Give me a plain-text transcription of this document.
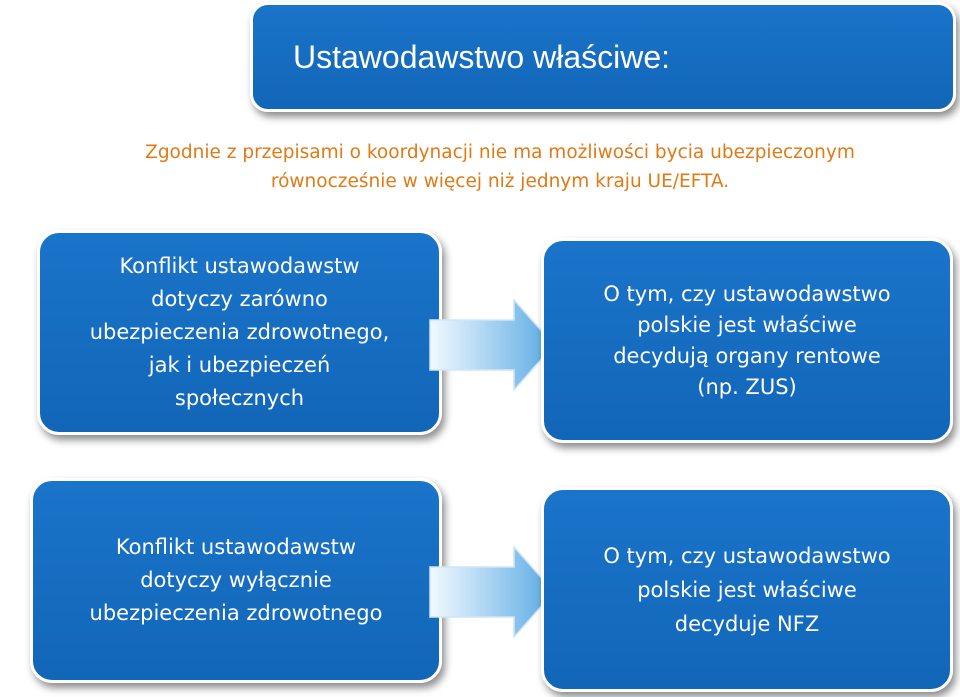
Ustawodawstwo właściwe:
Zgodnie z przepisami o koordynacji nie ma możliwości bycia ubezpieczonym
równocześnie w więcej niż jednym kraju UE/EFTA.
Konflikt ustawodawstw
dotyczy zarówno
ubezpieczenia zdrowotnego,
jak i ubezpieczeń
społecznych
O tym, czy ustawodawstwo
polskie jest właściwe
decydują organy rentowe
(np. ZUS)
Konflikt ustawodawstw
dotyczy wyłącznie
ubezpieczenia zdrowotnego
O tym, czy ustawodawstwo
polskie jest właściwe
decyduje NFZ
